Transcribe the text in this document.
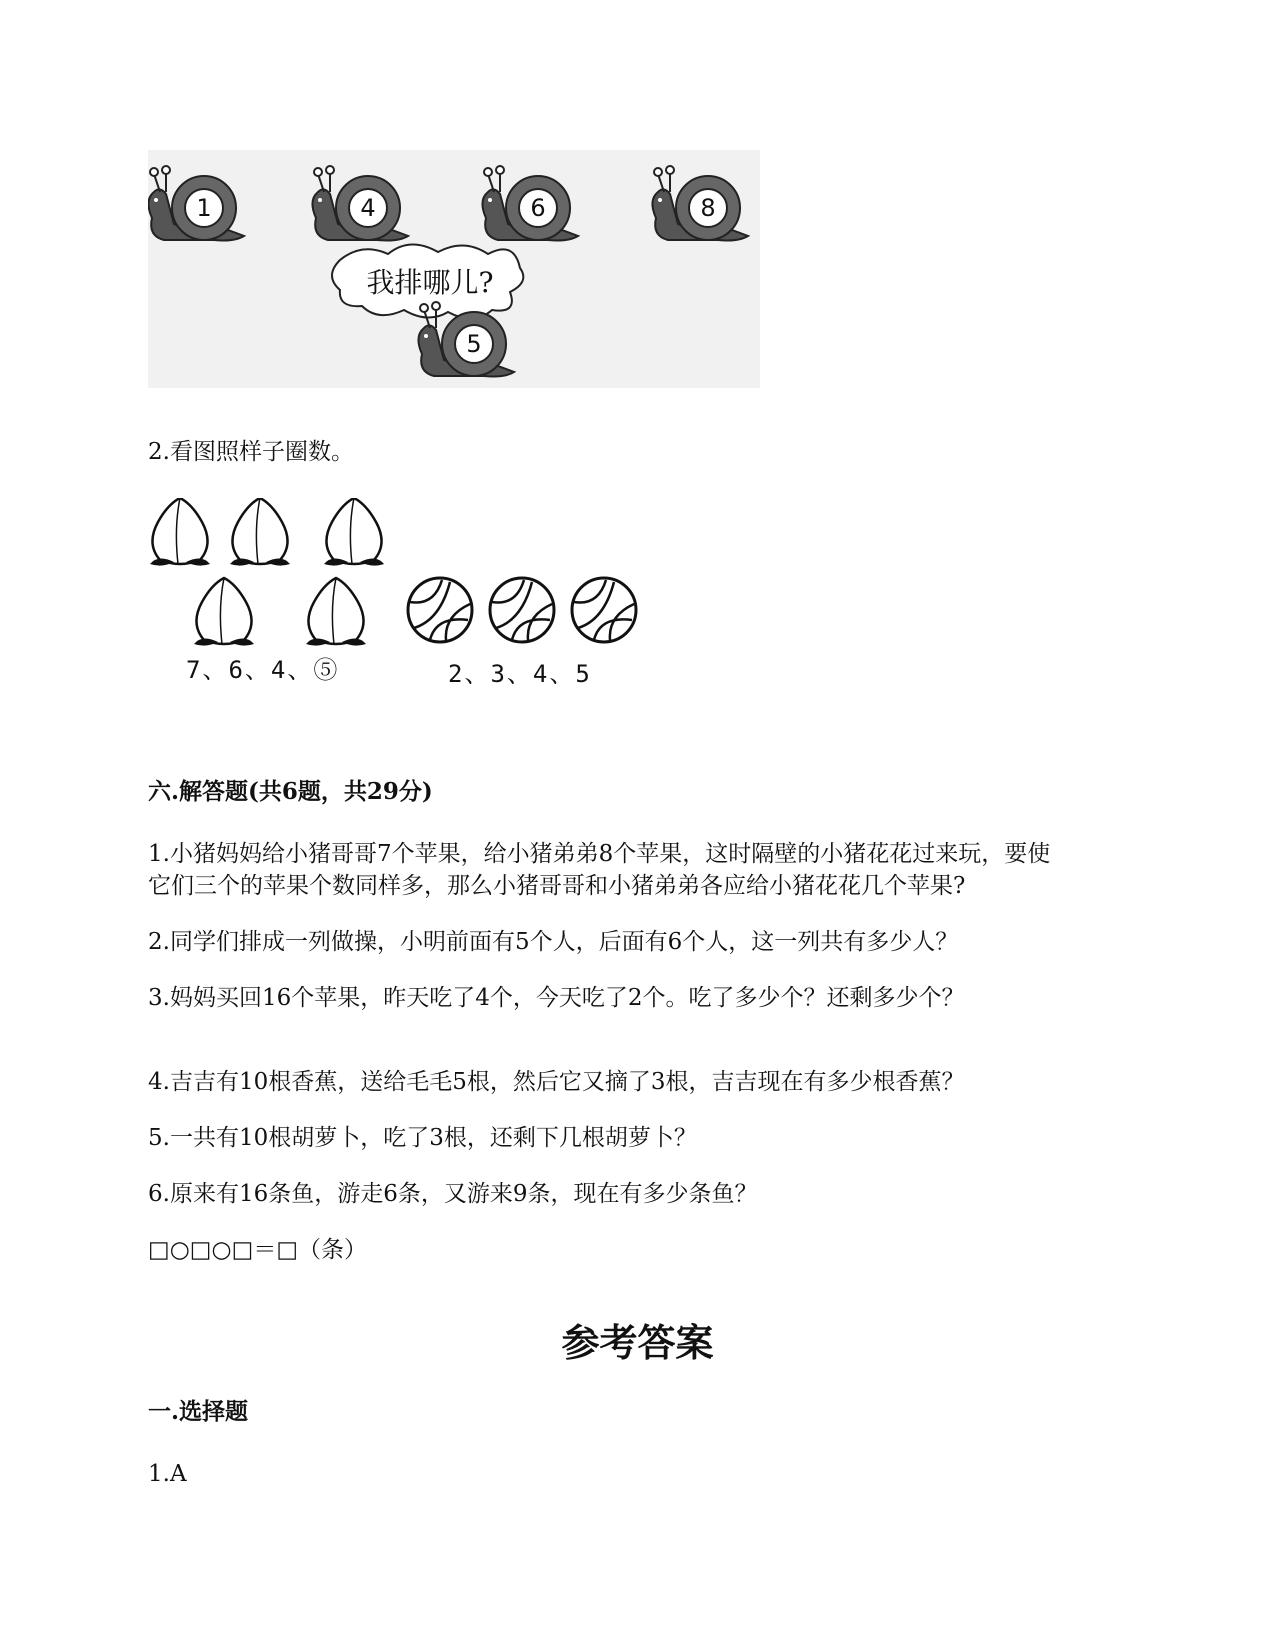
1	4	6	8
我排哪儿?
5
2.看图照样子圈数。
7、6、4、⑤	2、3、4、5
六.解答题(共6题，共29分)
1.小猪妈妈给小猪哥哥7个苹果，给小猪弟弟8个苹果，这时隔壁的小猪花花过来玩，要使
它们三个的苹果个数同样多，那么小猪哥哥和小猪弟弟各应给小猪花花几个苹果?
2.同学们排成一列做操，小明前面有5个人，后面有6个人，这一列共有多少人？
3.妈妈买回16个苹果，昨天吃了4个，今天吃了2个。吃了多少个？还剩多少个？
4.吉吉有10根香蕉，送给毛毛5根，然后它又摘了3根，吉吉现在有多少根香蕉？
5.一共有10根胡萝卜，吃了3根，还剩下几根胡萝卜？
6.原来有16条鱼，游走6条，又游来9条，现在有多少条鱼？
□○□○□＝□（条）
参考答案
一.选择题
1.A
